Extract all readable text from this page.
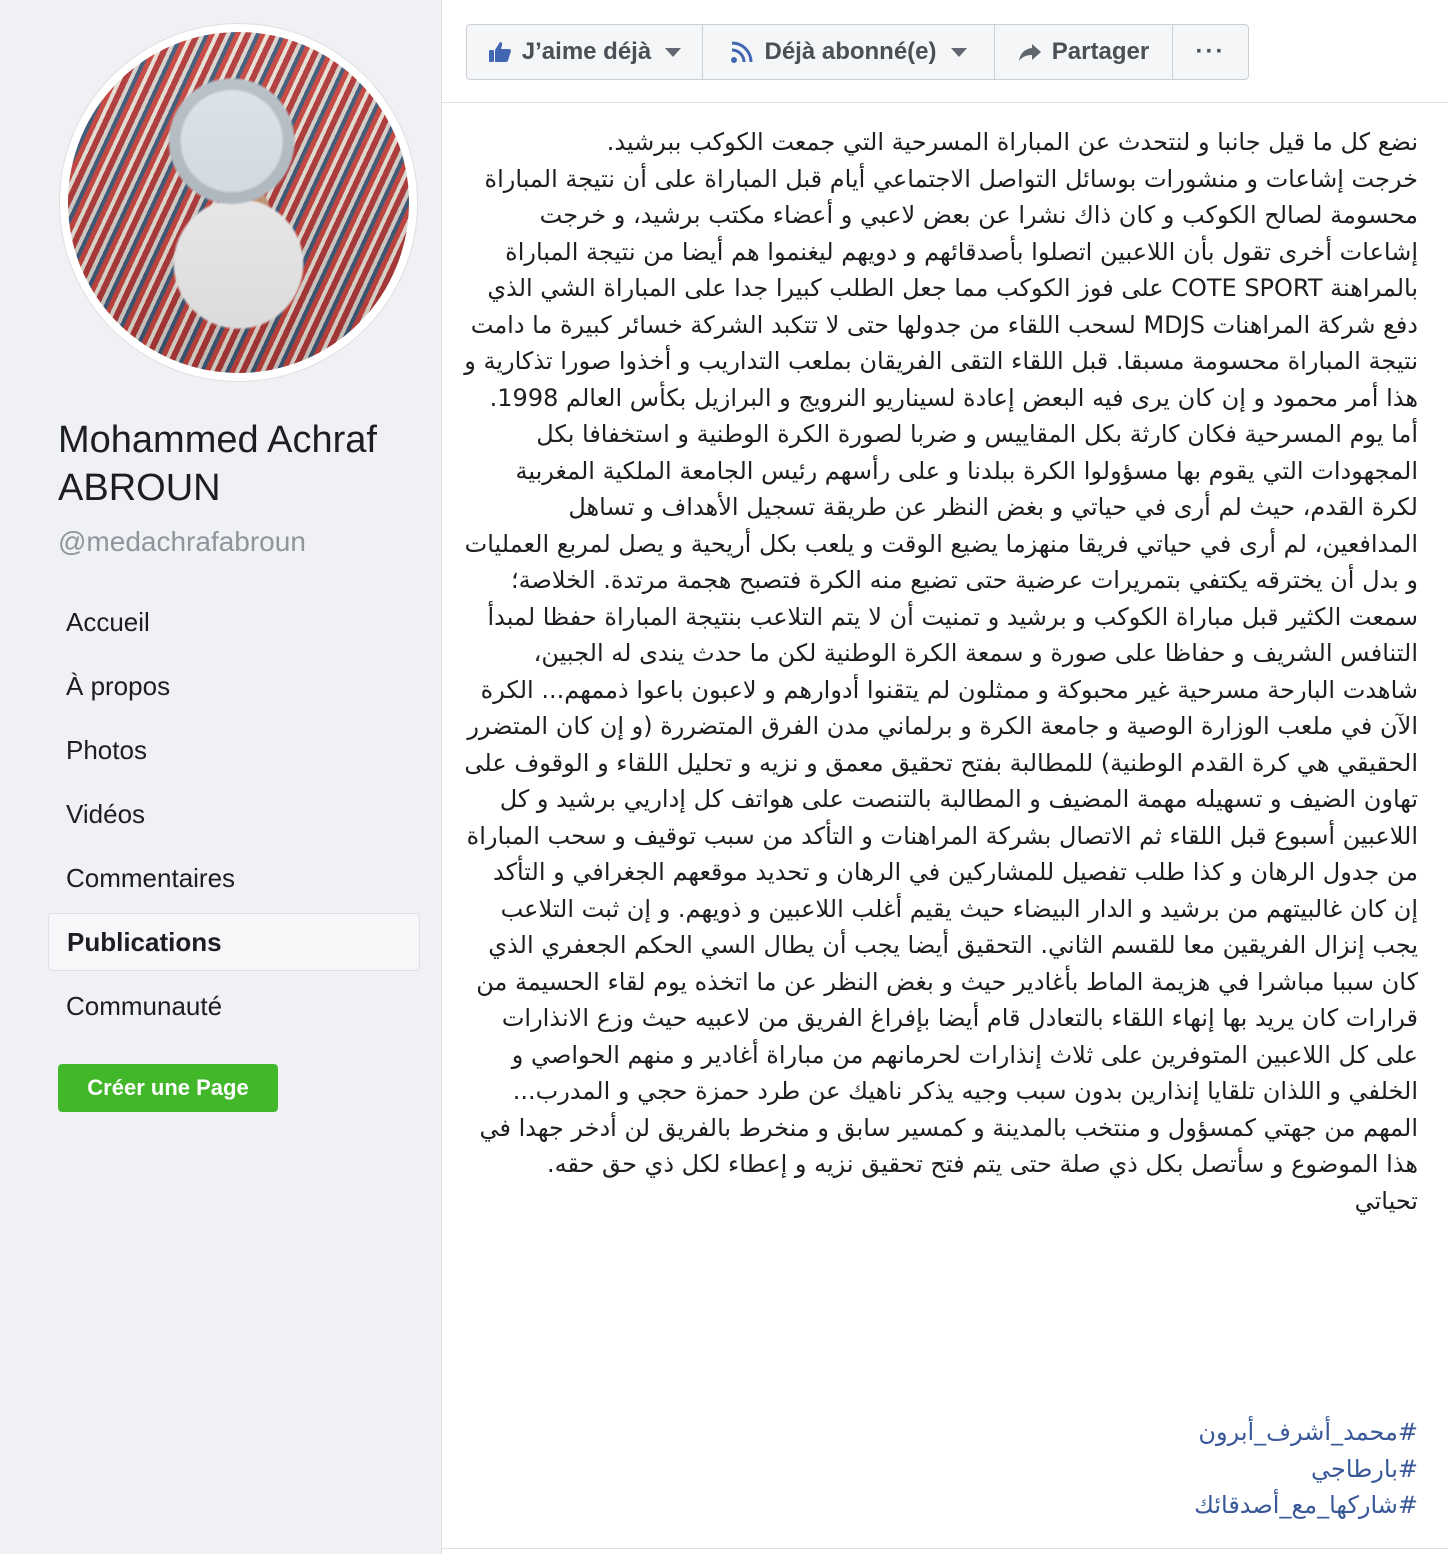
Mohammed Achraf ABROUN
@medachrafabroun
Accueil
À propos
Photos
Vidéos
Commentaires
Publications
Communauté
Créer une Page
J’aime déjà	Déjà abonné(e)	Partager ···
نضع كل ما قيل جانبا و لنتحدث عن المباراة المسرحية التي جمعت الكوكب ببرشيد.
خرجت إشاعات و منشورات بوسائل التواصل الاجتماعي أيام قبل المباراة على أن نتيجة المباراة محسومة لصالح الكوكب و كان ذاك نشرا عن بعض لاعبي و أعضاء مكتب برشيد، و خرجت إشاعات أخرى تقول بأن اللاعبين اتصلوا بأصدقائهم و دويهم ليغنموا هم أيضا من نتيجة المباراة بالمراهنة COTE SPORT على فوز الكوكب مما جعل الطلب كبيرا جدا على المباراة الشي الذي دفع شركة المراهنات MDJS لسحب اللقاء من جدولها حتى لا تتكبد الشركة خسائر كبيرة ما دامت نتيجة المباراة محسومة مسبقا. قبل اللقاء التقى الفريقان بملعب التداريب و أخذوا صورا تذكارية و هذا أمر محمود و إن كان يرى فيه البعض إعادة لسيناريو النرويج و البرازيل بكأس العالم 1998. أما يوم المسرحية فكان كارثة بكل المقاييس و ضربا لصورة الكرة الوطنية و استخفافا بكل المجهودات التي يقوم بها مسؤولوا الكرة ببلدنا و على رأسهم رئيس الجامعة الملكية المغربية لكرة القدم، حيث لم أرى في حياتي و بغض النظر عن طريقة تسجيل الأهداف و تساهل المدافعين، لم أرى في حياتي فريقا منهزما يضيع الوقت و يلعب بكل أريحية و يصل لمربع العمليات و بدل أن يخترقه يكتفي بتمريرات عرضية حتى تضيع منه الكرة فتصبح هجمة مرتدة. الخلاصة؛ سمعت الكثير قبل مباراة الكوكب و برشيد و تمنيت أن لا يتم التلاعب بنتيجة المباراة حفظا لمبدأ التنافس الشريف و حفاظا على صورة و سمعة الكرة الوطنية لكن ما حدث يندى له الجبين، شاهدت البارحة مسرحية غير محبوكة و ممثلون لم يتقنوا أدوارهم و لاعبون باعوا ذممهم... الكرة الآن في ملعب الوزارة الوصية و جامعة الكرة و برلماني مدن الفرق المتضررة (و إن كان المتضرر الحقيقي هي كرة القدم الوطنية) للمطالبة بفتح تحقيق معمق و نزيه و تحليل اللقاء و الوقوف على تهاون الضيف و تسهيله مهمة المضيف و المطالبة بالتنصت على هواتف كل إداريي برشيد و كل اللاعبين أسبوع قبل اللقاء ثم الاتصال بشركة المراهنات و التأكد من سبب توقيف و سحب المباراة من جدول الرهان و كذا طلب تفصيل للمشاركين في الرهان و تحديد موقعهم الجغرافي و التأكد إن كان غالبيتهم من برشيد و الدار البيضاء حيث يقيم أغلب اللاعبين و ذويهم. و إن ثبت التلاعب يجب إنزال الفريقين معا للقسم الثاني. التحقيق أيضا يجب أن يطال السي الحكم الجعفري الذي كان سببا مباشرا في هزيمة الماط بأغادير حيث و بغض النظر عن ما اتخذه يوم لقاء الحسيمة من قرارات كان يريد بها إنهاء اللقاء بالتعادل قام أيضا بإفراغ الفريق من لاعبيه حيث وزع الانذارات على كل اللاعبين المتوفرين على ثلاث إنذارات لحرمانهم من مباراة أغادير و منهم الحواصي و الخلفي و اللذان تلقايا إنذارين بدون سبب وجيه يذكر ناهيك عن طرد حمزة حجي و المدرب...
المهم من جهتي كمسؤول و منتخب بالمدينة و كمسير سابق و منخرط بالفريق لن أدخر جهدا في هذا الموضوع و سأتصل بكل ذي صلة حتى يتم فتح تحقيق نزيه و إعطاء لكل ذي حق حقه.
تحياتي
#محمد_أشرف_أبرون
#بارطاجي
#شاركها_مع_أصدقائك
